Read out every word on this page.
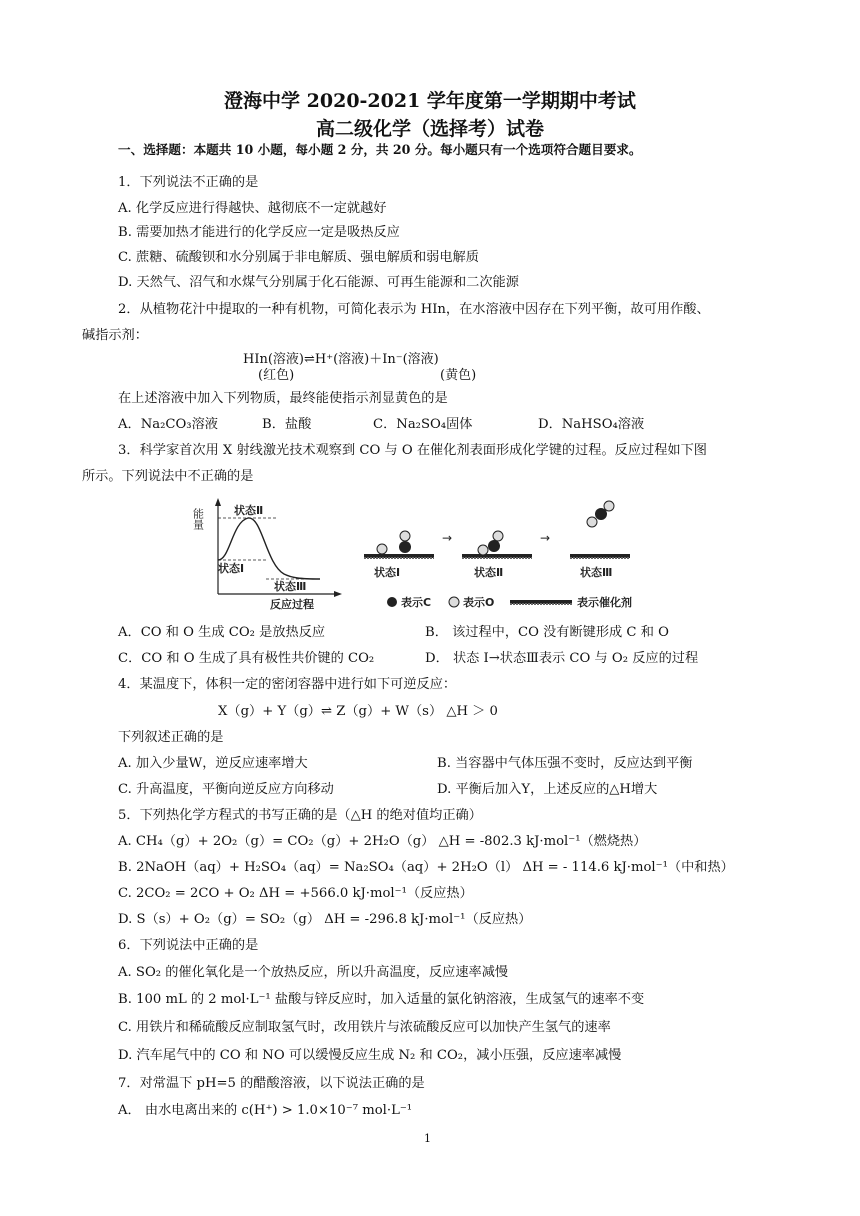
澄海中学 2020-2021 学年度第一学期期中考试
高二级化学（选择考）试卷
一、选择题：本题共 10 小题，每小题 2 分，共 20 分。每小题只有一个选项符合题目要求。
1．下列说法不正确的是
A. 化学反应进行得越快、越彻底不一定就越好
B. 需要加热才能进行的化学反应一定是吸热反应
C. 蔗糖、硫酸钡和水分别属于非电解质、强电解质和弱电解质
D. 天然气、沼气和水煤气分别属于化石能源、可再生能源和二次能源
2．从植物花汁中提取的一种有机物，可简化表示为 HIn，在水溶液中因存在下列平衡，故可用作酸、
碱指示剂：
HIn(溶液)⇌H⁺(溶液)＋In⁻(溶液)
(红色)	(黄色)
在上述溶液中加入下列物质，最终能使指示剂显黄色的是
A．Na₂CO₃溶液	B．盐酸	C．Na₂SO₄固体	D．NaHSO₄溶液
3．科学家首次用 X 射线激光技术观察到 CO 与 O 在催化剂表面形成化学键的过程。反应过程如下图
所示。下列说法中不正确的是
能量	状态Ⅱ
状态Ⅰ
状态Ⅲ
反应过程
状态Ⅰ
→
状态Ⅱ
→
状态Ⅲ
表示C	表示O	表示催化剂
A．CO 和 O 生成 CO₂ 是放热反应	B． 该过程中，CO 没有断键形成 C 和 O
C．CO 和 O 生成了具有极性共价键的 CO₂	D． 状态 Ⅰ→状态Ⅲ表示 CO 与 O₂ 反应的过程
4．某温度下，体积一定的密闭容器中进行如下可逆反应：
X（g）+ Y（g）⇌ Z（g）+ W（s） △H ＞ 0
下列叙述正确的是
A. 加入少量W，逆反应速率增大	B. 当容器中气体压强不变时，反应达到平衡
C. 升高温度，平衡向逆反应方向移动	D. 平衡后加入Y，上述反应的△H增大
5．下列热化学方程式的书写正确的是（△H 的绝对值均正确）
A. CH₄（g）+ 2O₂（g）= CO₂（g）+ 2H₂O（g） △H = -802.3 kJ·mol⁻¹（燃烧热）
B. 2NaOH（aq）+ H₂SO₄（aq）= Na₂SO₄（aq）+ 2H₂O（l） ΔH = - 114.6 kJ·mol⁻¹（中和热）
C. 2CO₂ = 2CO + O₂ ΔH = +566.0 kJ·mol⁻¹（反应热）
D. S（s）+ O₂（g）= SO₂（g） ΔH = -296.8 kJ·mol⁻¹（反应热）
6．下列说法中正确的是
A. SO₂ 的催化氧化是一个放热反应，所以升高温度，反应速率减慢
B. 100 mL 的 2 mol·L⁻¹ 盐酸与锌反应时，加入适量的氯化钠溶液，生成氢气的速率不变
C. 用铁片和稀硫酸反应制取氢气时，改用铁片与浓硫酸反应可以加快产生氢气的速率
D. 汽车尾气中的 CO 和 NO 可以缓慢反应生成 N₂ 和 CO₂，减小压强，反应速率减慢
7．对常温下 pH=5 的醋酸溶液，以下说法正确的是
A． 由水电离出来的 c(H⁺) > 1.0×10⁻⁷ mol·L⁻¹
1
